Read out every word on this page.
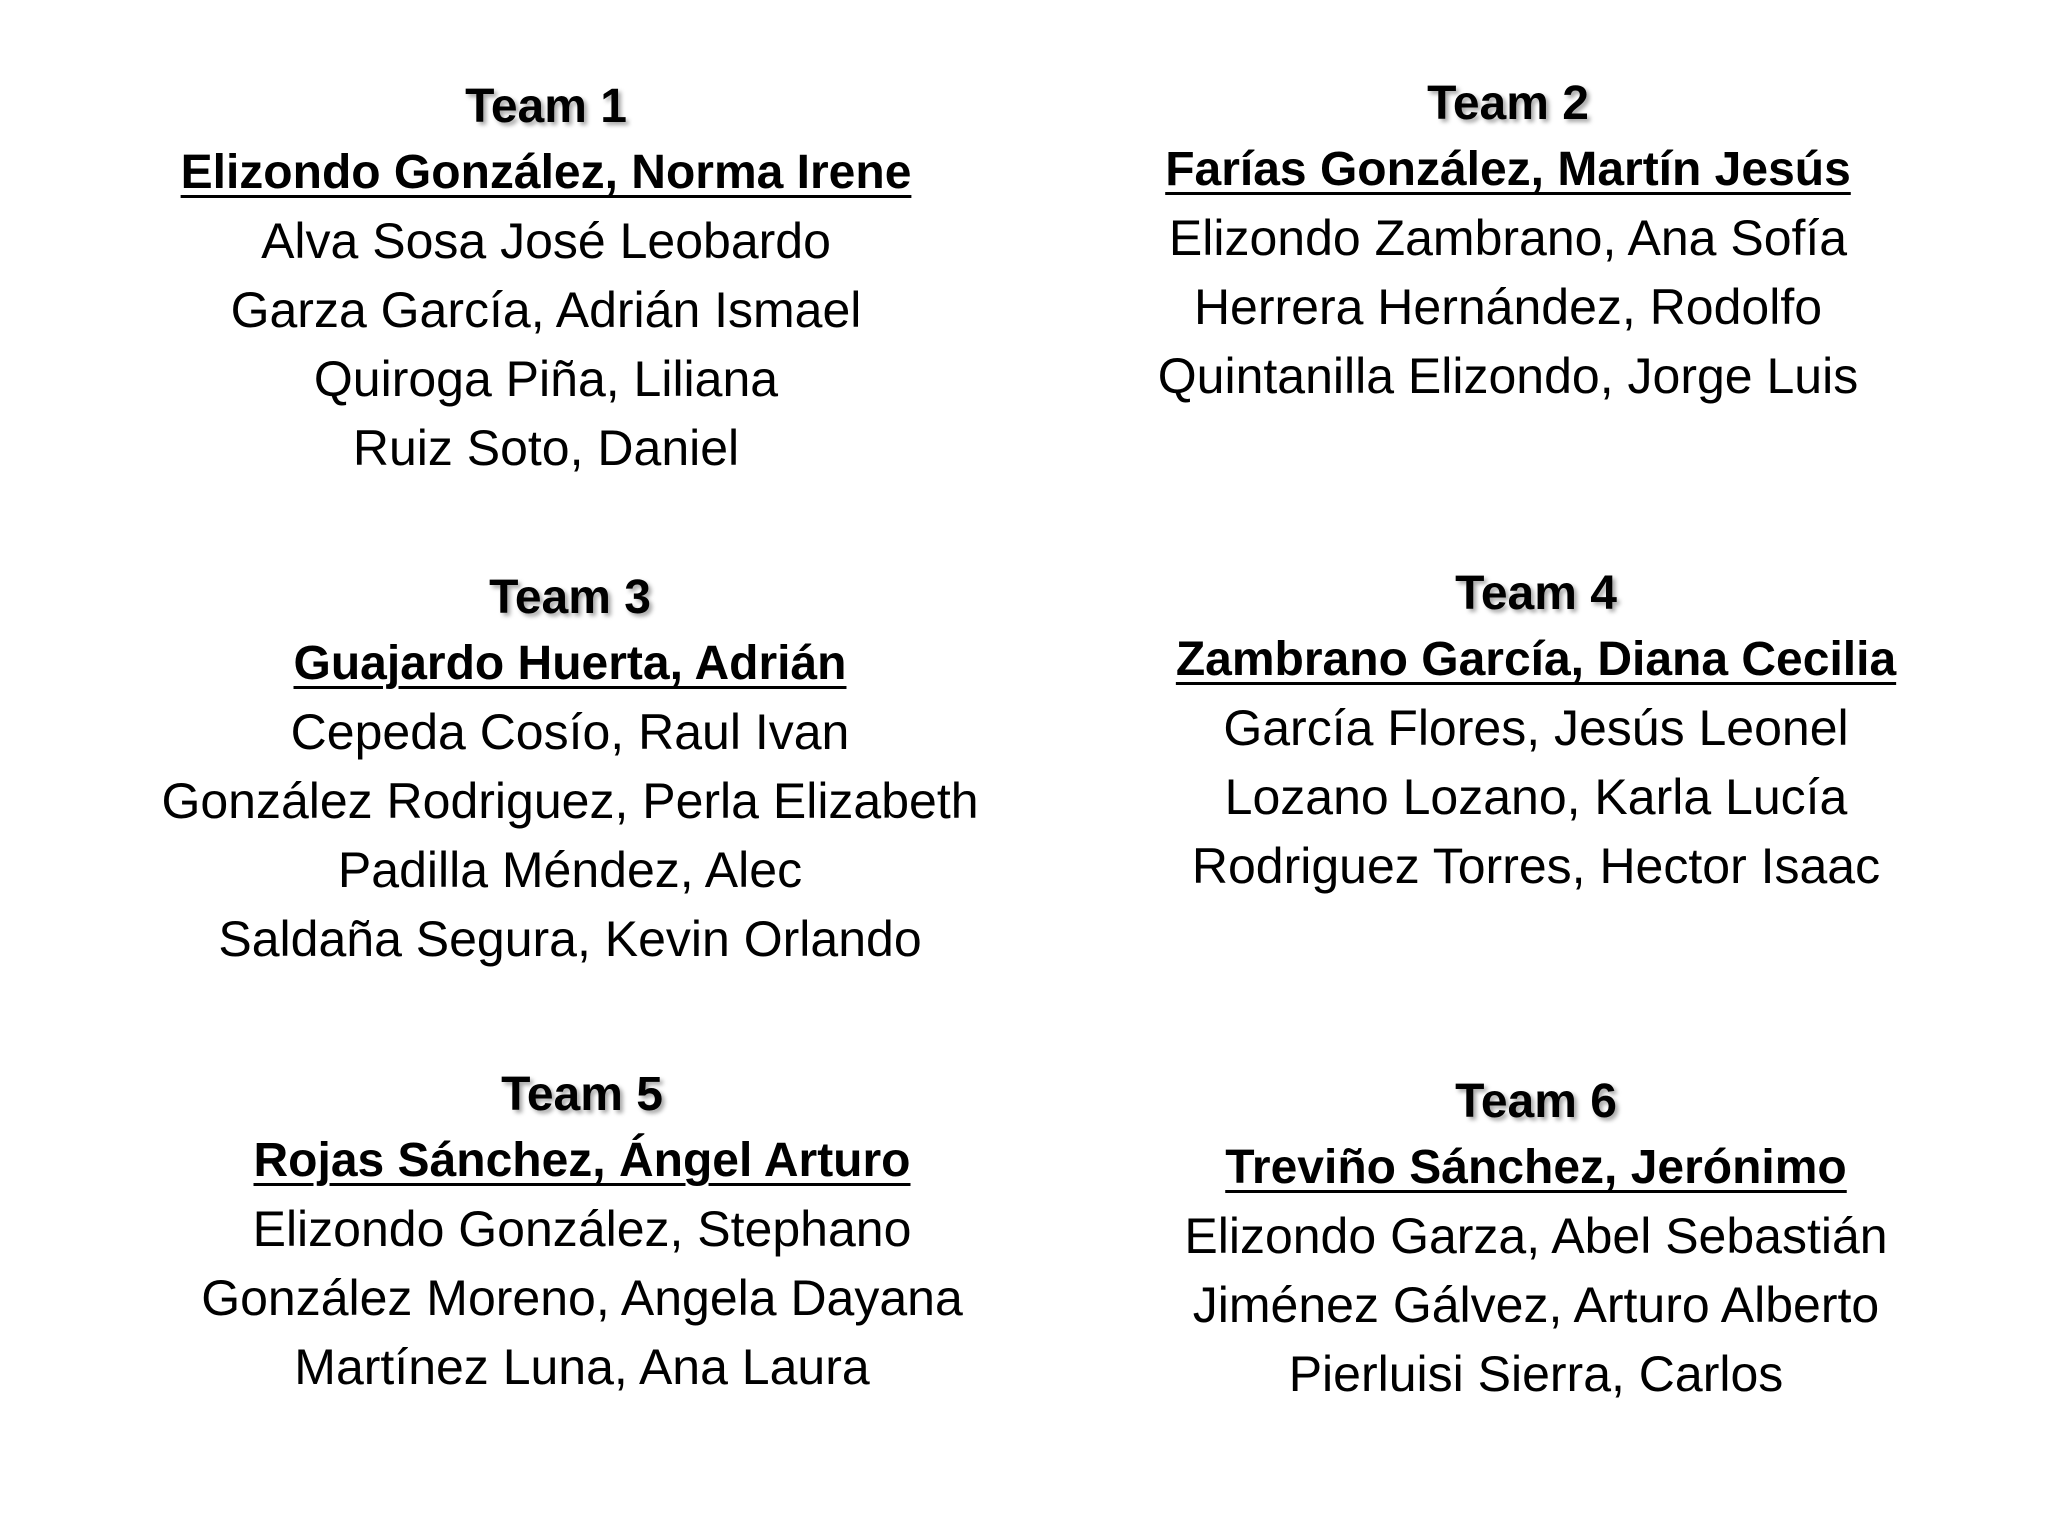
Team 1
Elizondo González, Norma Irene
Alva Sosa José Leobardo
Garza García, Adrián Ismael
Quiroga Piña, Liliana
Ruiz Soto, Daniel
Team 2
Farías González, Martín Jesús
Elizondo Zambrano, Ana Sofía
Herrera Hernández, Rodolfo
Quintanilla Elizondo, Jorge Luis
Team 3
Guajardo Huerta, Adrián
Cepeda Cosío, Raul Ivan
González Rodriguez, Perla Elizabeth
Padilla Méndez, Alec
Saldaña Segura, Kevin Orlando
Team 4
Zambrano García, Diana Cecilia
García Flores, Jesús Leonel
Lozano Lozano, Karla Lucía
Rodriguez Torres, Hector Isaac
Team 5
Rojas Sánchez, Ángel Arturo
Elizondo González, Stephano
González Moreno, Angela Dayana
Martínez Luna, Ana Laura
Team 6
Treviño Sánchez, Jerónimo
Elizondo Garza, Abel Sebastián
Jiménez Gálvez, Arturo Alberto
Pierluisi Sierra, Carlos
